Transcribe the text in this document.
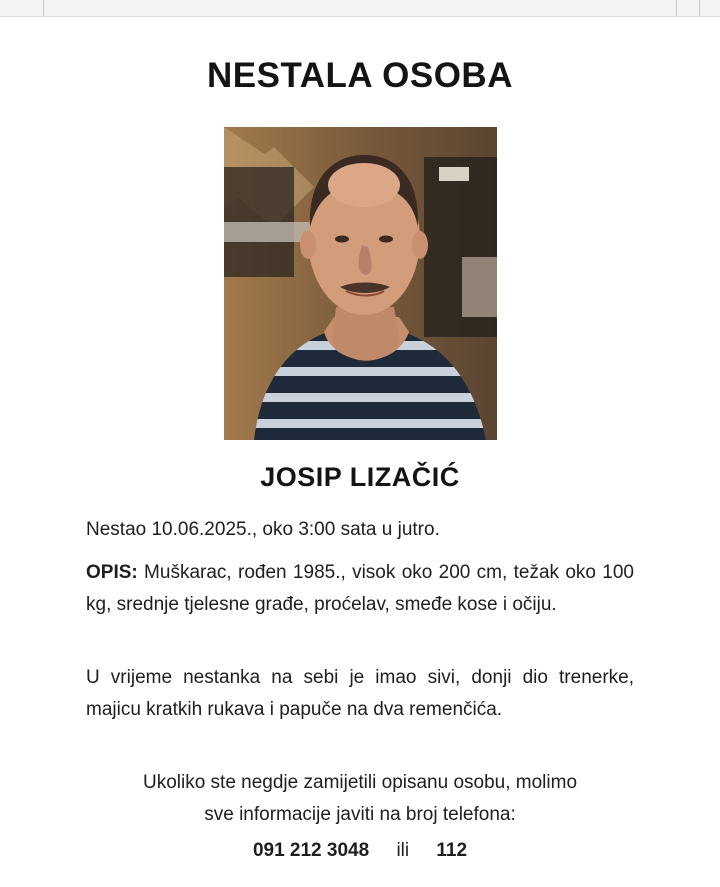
NESTALA OSOBA
JOSIP LIZAČIĆ
Nestao 10.06.2025., oko 3:00 sata u jutro.
OPIS: Muškarac, rođen 1985., visok oko 200 cm, težak oko 100 kg, srednje tjelesne građe, proćelav, smeđe kose i očiju.
U vrijeme nestanka na sebi je imao sivi, donji dio trenerke, majicu kratkih rukava i papuče na dva remenčića.
Ukoliko ste negdje zamijetili opisanu osobu, molimo
sve informacije javiti na broj telefona:
091 212 3048 ili 112
